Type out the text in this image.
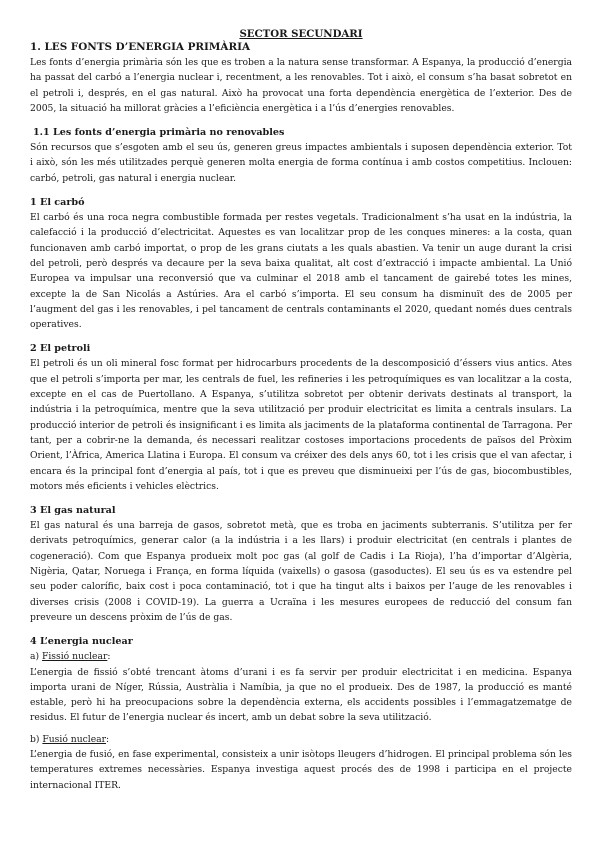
SECTOR SECUNDARI
1. LES FONTS D’ENERGIA PRIMÀRIA

Les fonts d’energia primària són les que es troben a la natura sense transformar. A Espanya, la producció d’energia ha passat del carbó a l’energia nuclear i, recentment, a les renovables. Tot i això, el consum s’ha basat sobretot en el petroli i, després, en el gas natural. Això ha provocat una forta dependència energètica de l’exterior. Des de 2005, la situació ha millorat gràcies a l’eficiència energètica i a l’ús d’energies renovables.

1.1 Les fonts d’energia primària no renovables

Són recursos que s’esgoten amb el seu ús, generen greus impactes ambientals i suposen dependència exterior. Tot i això, són les més utilitzades perquè generen molta energia de forma contínua i amb costos competitius. Inclouen: carbó, petroli, gas natural i energia nuclear.

1 El carbó

El carbó és una roca negra combustible formada per restes vegetals. Tradicionalment s’ha usat en la indústria, la calefacció i la producció d’electricitat. Aquestes es van localitzar prop de les conques mineres: a la costa, quan funcionaven amb carbó importat, o prop de les grans ciutats a les quals abastien. Va tenir un auge durant la crisi del petroli, però després va decaure per la seva baixa qualitat, alt cost d’extracció i impacte ambiental. La Unió Europea va impulsar una reconversió que va culminar el 2018 amb el tancament de gairebé totes les mines, excepte la de San Nicolás a Astúries. Ara el carbó s’importa. El seu consum ha disminuït des de 2005 per l’augment del gas i les renovables, i pel tancament de centrals contaminants el 2020, quedant només dues centrals operatives.

2 El petroli

El petroli és un oli mineral fosc format per hidrocarburs procedents de la descomposició d’éssers vius antics. Ates que el petroli s’importa per mar, les centrals de fuel, les refineries i les petroquímiques es van localitzar a la costa, excepte en el cas de Puertollano. A Espanya, s’utilitza sobretot per obtenir derivats destinats al transport, la indústria i la petroquímica, mentre que la seva utilització per produir electricitat es limita a centrals insulars. La producció interior de petroli és insignificant i es limita als jaciments de la plataforma continental de Tarragona. Per tant, per a cobrir-ne la demanda, és necessari realitzar costoses importacions procedents de països del Pròxim Orient, l’Àfrica, America Llatina i Europa. El consum va créixer des dels anys 60, tot i les crisis que el van afectar, i encara és la principal font d’energia al país, tot i que es preveu que disminueixi per l’ús de gas, biocombustibles, motors més eficients i vehicles elèctrics.

3 El gas natural

El gas natural és una barreja de gasos, sobretot metà, que es troba en jaciments subterranis. S’utilitza per fer derivats petroquímics, generar calor (a la indústria i a les llars) i produir electricitat (en centrals i plantes de cogeneració). Com que Espanya produeix molt poc gas (al golf de Cadis i La Rioja), l’ha d’importar d’Algèria, Nigèria, Qatar, Noruega i França, en forma líquida (vaixells) o gasosa (gasoductes). El seu ús es va estendre pel seu poder calorífic, baix cost i poca contaminació, tot i que ha tingut alts i baixos per l’auge de les renovables i diverses crisis (2008 i COVID-19). La guerra a Ucraïna i les mesures europees de reducció del consum fan preveure un descens pròxim de l’ús de gas.

4 L’energia nuclear
a) Fissió nuclear:

L’energia de fissió s’obté trencant àtoms d’urani i es fa servir per produir electricitat i en medicina. Espanya importa urani de Níger, Rússia, Austràlia i Namíbia, ja que no el produeix. Des de 1987, la producció es manté estable, però hi ha preocupacions sobre la dependència externa, els accidents possibles i l’emmagatzematge de residus. El futur de l’energia nuclear és incert, amb un debat sobre la seva utilització.

b) Fusió nuclear:

L’energia de fusió, en fase experimental, consisteix a unir isòtops lleugers d’hidrogen. El principal problema són les temperatures extremes necessàries. Espanya investiga aquest procés des de 1998 i participa en el projecte internacional ITER.
